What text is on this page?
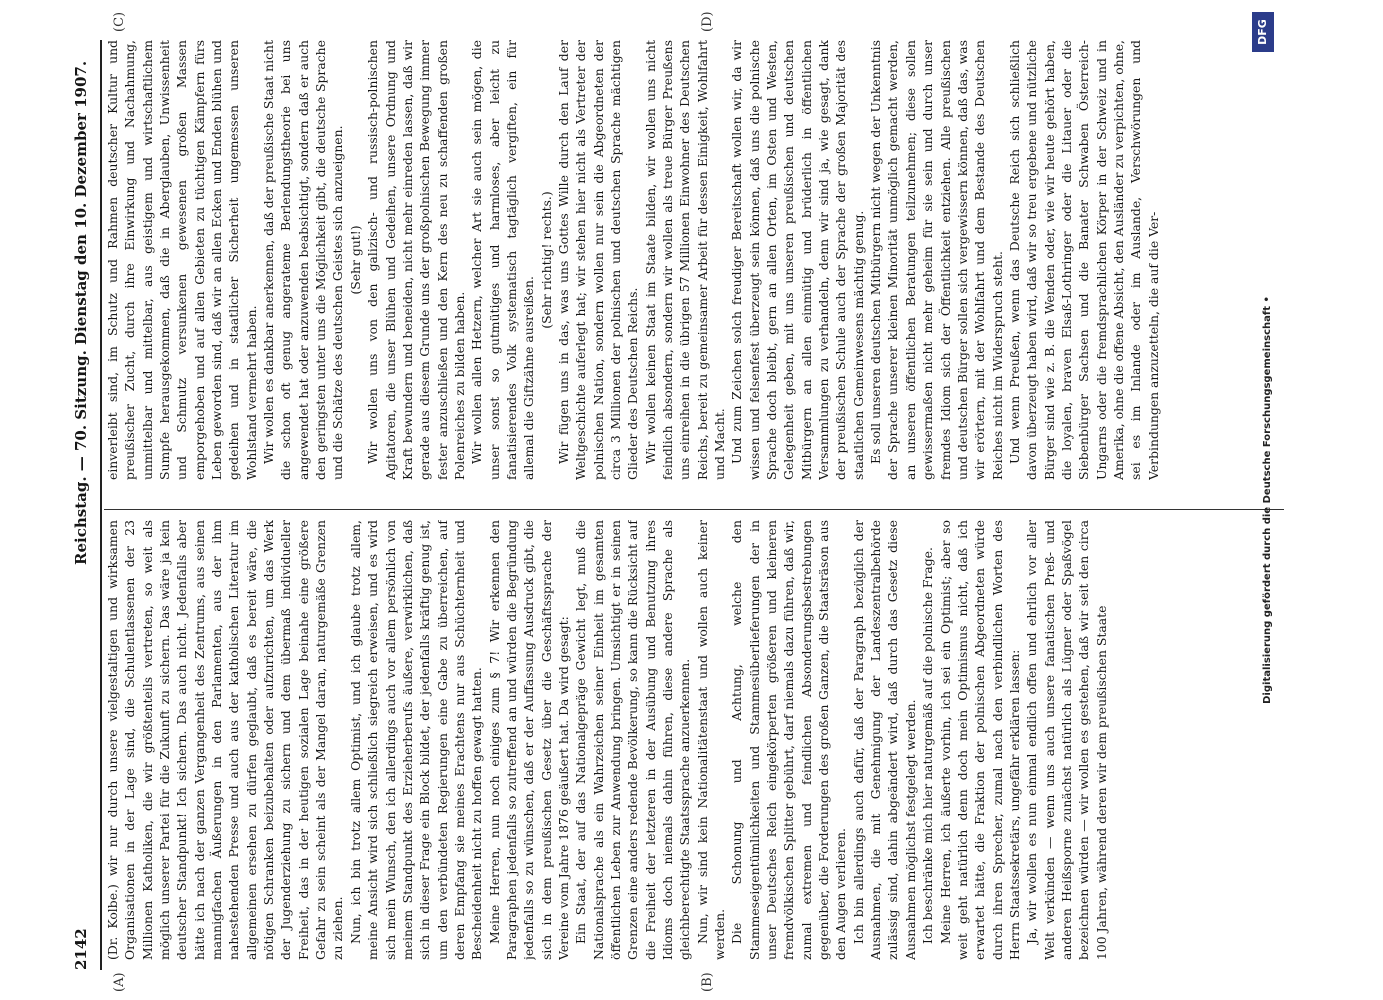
2142
Reichstag. — 70. Sitzung. Dienstag den 10. Dezember 1907.
(A)	(B)
(C)	(D)

(Dr. Kolbe.) wir nur durch unsere vielgestaltigen und wirksamen Organisationen in der Lage sind, die Schulentlassenen der 23 Millionen Katholiken, die wir größtenteils vertreten, so weit als möglich unserer Partei für die Zukunft zu sichern. Das wäre ja kein deutscher Standpunkt! Ich sichern. Das auch nicht. Jedenfalls aber hätte ich nach der ganzen Vergangenheit des Zentrums, aus seinen mannigfachen Äußerungen in den Parlamenten, aus der ihm nahestehenden Presse und auch aus der katholischen Literatur im allgemeinen ersehen zu dürfen geglaubt, daß es bereit wäre, die nötigen Schranken beizubehalten oder aufzurichten, um das Werk der Jugenderziehung zu sichern und dem übermaß individueller Freiheit, das in der heutigen sozialen Lage beinahe eine größere Gefahr zu sein scheint als der Mangel daran, naturgemäße Grenzen zu ziehen. Nun, ich bin trotz allem Optimist, und ich glaube trotz allem, meine Ansicht wird sich schließlich siegreich erweisen, und es wird sich mein Wunsch, den ich allerdings auch vor allem persönlich von meinem Standpunkt des Erzieherberufs äußere, verwirklichen, daß sich in dieser Frage ein Block bildet, der jedenfalls kräftig genug ist, um den verbündeten Regierungen eine Gabe zu überreichen, auf deren Empfang sie meines Erachtens nur aus Schüchternheit und Bescheidenheit nicht zu hoffen gewagt hatten. Meine Herren, nun noch einiges zum § 7! Wir erkennen den Paragraphen jedenfalls so zutreffend an und würden die Begründung jedenfalls so zu wünschen, daß er der Auffassung Ausdruck gibt, die sich in dem preußischen Gesetz über die Geschäftssprache der Vereine vom Jahre 1876 geäußert hat. Da wird gesagt: Ein Staat, der auf das Nationalgepräge Gewicht legt, muß die Nationalsprache als ein Wahrzeichen seiner Einheit im gesamten öffentlichen Leben zur Anwendung bringen. Umsichtigt er in seinen Grenzen eine anders redende Bevölkerung, so kann die Rücksicht auf die Freiheit der letzteren in der Ausübung und Benutzung ihres Idioms doch niemals dahin führen, diese andere Sprache als gleichberechtigte Staatssprache anzuerkennen. Nun, wir sind kein Nationalitätenstaat und wollen auch keiner werden. Die Schonung und Achtung, welche den Stammeseigentümlichkeiten und Stammesüberlieferungen der in unser Deutsches Reich eingekörperten größeren und kleineren fremdvölkischen Splitter gebührt, darf niemals dazu führen, daß wir, zumal extremen und feindlichen Absonderungsbestrebungen gegenüber, die Forderungen des großen Ganzen, die Staatsräson aus den Augen verlieren. Ich bin allerdings auch dafür, daß der Paragraph bezüglich der Ausnahmen, die mit Genehmigung der Landeszentralbehörde zulässig sind, dahin abgeändert wird, daß durch das Gesetz diese Ausnahmen möglichst festgelegt werden. Ich beschränke mich hier naturgemäß auf die polnische Frage. Meine Herren, ich äußerte vorhin, ich sei ein Optimist; aber so weit geht natürlich denn doch mein Optimismus nicht, daß ich erwartet hätte, die Fraktion der polnischen Abgeordneten würde durch ihren Sprecher, zumal nach den verbindlichen Worten des Herrn Staatssekretärs, ungefähr erklären lassen: Ja, wir wollen es nun einmal endlich offen und ehrlich vor aller Welt verkünden — wenn uns auch unsere fanatischen Preß- und anderen Heißsporne zunächst natürlich als Lügner oder Spaßvögel bezeichnen würden — wir wollen es gestehen, daß wir seit den circa 100 Jahren, während deren wir dem preußischen Staate

einverleibt sind, im Schutz und Rahmen deutscher Kultur und preußischer Zucht, durch ihre Einwirkung und Nachahmung, unmittelbar und mittelbar, aus geistigem und wirtschaftlichem Sumpfe herausgekommen, daß die in Aberglauben, Unwissenheit und Schmutz versunkenen gewesenen großen Massen emporgehoben und auf allen Gebieten zu tüchtigen Kämpfern fürs Leben geworden sind, daß wir an allen Ecken und Enden blühen und gedeihen und in staatlicher Sicherheit ungemessen unseren Wohlstand vermehrt haben. Wir wollen es dankbar anerkennen, daß der preußische Staat nicht die schon oft genug angerateme Berlendungstheorie bei uns angewendet hat oder anzuwenden beabsichtigt, sondern daß er auch den geringsten unter uns die Möglichkeit gibt, die deutsche Sprache und die Schätze des deutschen Geistes sich anzueignen. (Sehr gut!) Wir wollen uns von den galizisch- und russisch-polnischen Agitatoren, die unser Blühen und Gedeihen, unsere Ordnung und Kraft bewundern und beneiden, nicht mehr einreden lassen, daß wir gerade aus diesem Grunde uns der großpolnischen Bewegung immer fester anzuschließen und den Kern des neu zu schaffenden großen Polenreiches zu bilden haben. Wir wollen allen Hetzern, welcher Art sie auch sein mögen, die unser sonst so gutmütiges und harmloses, aber leicht zu fanatisierendes Volk systematisch tagtäglich vergiften, ein für allemal die Giftzähne ausreißen.

(Sehr richtig! rechts.) Wir fügen uns in das, was uns Gottes Wille durch den Lauf der Weltgeschichte auferlegt hat; wir stehen hier nicht als Vertreter der polnischen Nation, sondern wollen nur sein die Abgeordneten der circa 3 Millionen der polnischen und deutschen Sprache mächtigen Glieder des Deutschen Reichs. Wir wollen keinen Staat im Staate bilden, wir wollen uns nicht feindlich absondern, sondern wir wollen als treue Bürger Preußens uns einreihen in die übrigen 57 Millionen Einwohner des Deutschen Reichs, bereit zu gemeinsamer Arbeit für dessen Einigkeit, Wohlfahrt und Macht. Und zum Zeichen solch freudiger Bereitschaft wollen wir, da wir wissen und felsenfest überzeugt sein können, daß uns die polnische Sprache doch bleibt, gern an allen Orten, im Osten und Westen, Gelegenheit geben, mit uns unseren preußischen und deutschen Mitbürgern an allen einmütig und brüderlich in öffentlichen Versammlungen zu verhandeln, denn wir sind ja, wie gesagt, dank der preußischen Schule auch der Sprache der großen Majorität des staatlichen Gemeinwesens mächtig genug. Es soll unseren deutschen Mitbürgern nicht wegen der Unkenntnis der Sprache unserer kleinen Minorität unmöglich gemacht werden, an unseren öffentlichen Beratungen teilzunehmen; diese sollen gewissermaßen nicht mehr geheim für sie sein und durch unser fremdes Idiom sich der Öffentlichkeit entziehen. Alle preußischen und deutschen Bürger sollen sich vergewissern können, daß das, was wir erörtern, mit der Wohlfahrt und dem Bestande des Deutschen Reiches nicht im Widerspruch steht. Und wenn Preußen, wenn das Deutsche Reich sich schließlich davon überzeugt haben wird, daß wir so treu ergebene und nützliche Bürger sind wie z. B. die Wenden oder, wie wir heute gehört haben, die loyalen, braven Elsaß-Lothringer oder die Litauer oder die Siebenbürger Sachsen und die Banater Schwaben Österreich-Ungarns oder die fremdsprachlichen Körper in der Schweiz und in Amerika, ohne die offene Absicht, den Ausländer zu verpichten, ohne, sei es im Inlande oder im Auslande, Verschwörungen und Verbindungen anzuzetteln, die auf die Ver-	Digitalisierung gefördert durch die Deutsche Forschungsgemeinschaft •
DFG
